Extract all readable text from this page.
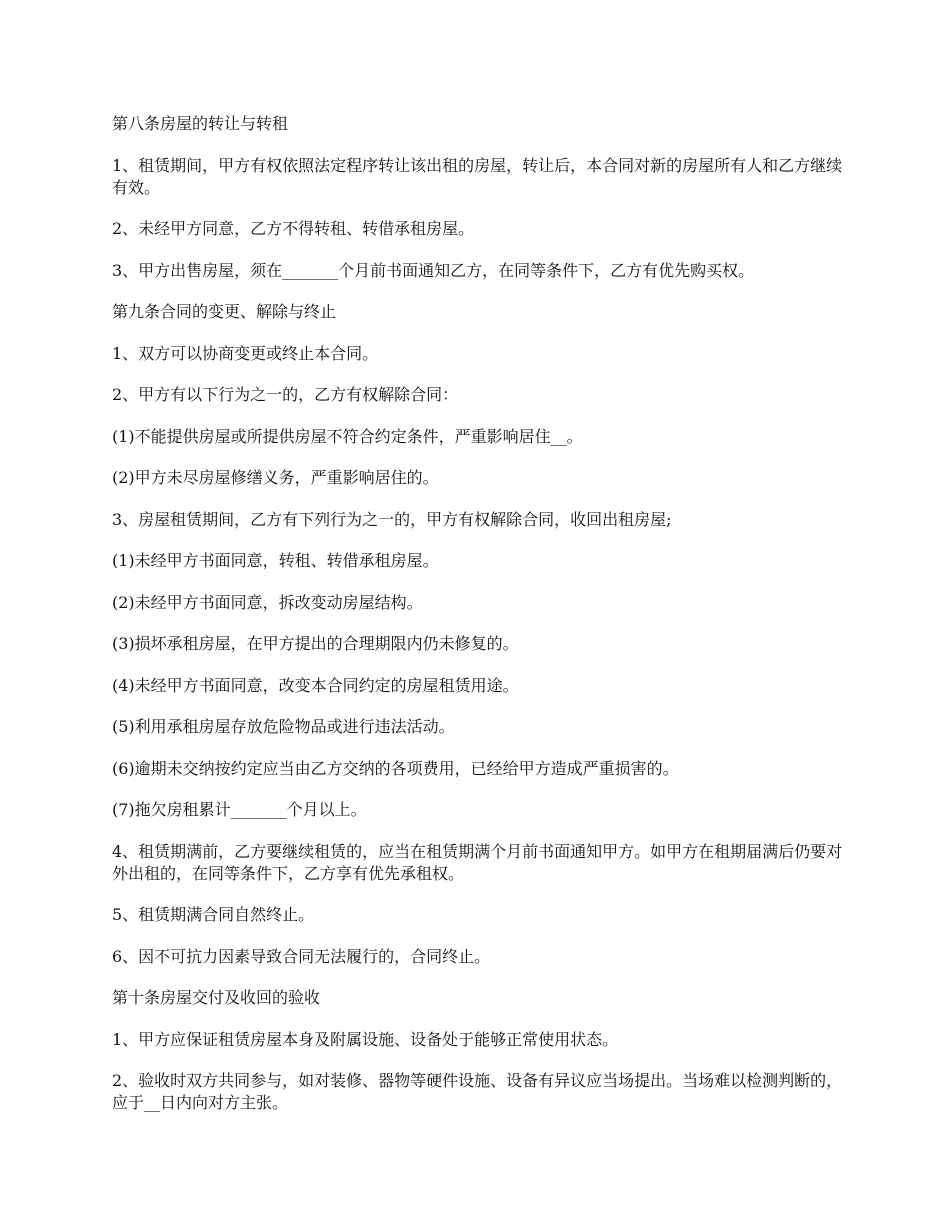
第八条房屋的转让与转租

1、租赁期间，甲方有权依照法定程序转让该出租的房屋，转让后，本合同对新的房屋所有人和乙方继续有效。

2、未经甲方同意，乙方不得转租、转借承租房屋。

3、甲方出售房屋，须在_______个月前书面通知乙方，在同等条件下，乙方有优先购买权。

第九条合同的变更、解除与终止

1、双方可以协商变更或终止本合同。

2、甲方有以下行为之一的，乙方有权解除合同：

(1)不能提供房屋或所提供房屋不符合约定条件，严重影响居住__。

(2)甲方未尽房屋修缮义务，严重影响居住的。

3、房屋租赁期间，乙方有下列行为之一的，甲方有权解除合同，收回出租房屋;

(1)未经甲方书面同意，转租、转借承租房屋。

(2)未经甲方书面同意，拆改变动房屋结构。

(3)损坏承租房屋，在甲方提出的合理期限内仍未修复的。

(4)未经甲方书面同意，改变本合同约定的房屋租赁用途。

(5)利用承租房屋存放危险物品或进行违法活动。

(6)逾期未交纳按约定应当由乙方交纳的各项费用，已经给甲方造成严重损害的。

(7)拖欠房租累计_______个月以上。

4、租赁期满前，乙方要继续租赁的，应当在租赁期满个月前书面通知甲方。如甲方在租期届满后仍要对外出租的，在同等条件下，乙方享有优先承租权。

5、租赁期满合同自然终止。

6、因不可抗力因素导致合同无法履行的，合同终止。

第十条房屋交付及收回的验收

1、甲方应保证租赁房屋本身及附属设施、设备处于能够正常使用状态。

2、验收时双方共同参与，如对装修、器物等硬件设施、设备有异议应当场提出。当场难以检测判断的，应于__日内向对方主张。
